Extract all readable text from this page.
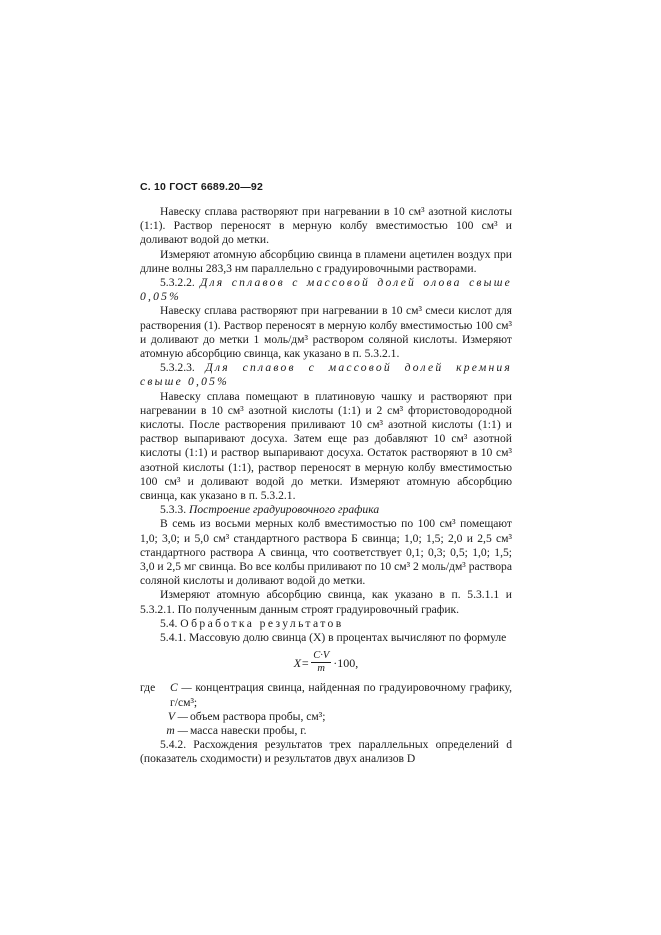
С. 10 ГОСТ 6689.20—92

Навеску сплава растворяют при нагревании в 10 см³ азотной кислоты (1:1). Раствор переносят в мерную колбу вместимостью 100 см³ и доливают водой до метки.

Измеряют атомную абсорбцию свинца в пламени ацетилен воздух при длине волны 283,3 нм параллельно с градуировочными растворами.

5.3.2.2. Для сплавов с массовой долей олова свыше 0,05%

Навеску сплава растворяют при нагревании в 10 см³ смеси кислот для растворения (1). Раствор переносят в мерную колбу вместимостью 100 см³ и доливают до метки 1 моль/дм³ раствором соляной кислоты. Измеряют атомную абсорбцию свинца, как указано в п. 5.3.2.1.

5.3.2.3. Для сплавов с массовой долей кремния свыше 0,05%

Навеску сплава помещают в платиновую чашку и растворяют при нагревании в 10 см³ азотной кислоты (1:1) и 2 см³ фтористоводородной кислоты. После растворения приливают 10 см³ азотной кислоты (1:1) и раствор выпаривают досуха. Затем еще раз добавляют 10 см³ азотной кислоты (1:1) и раствор выпаривают досуха. Остаток растворяют в 10 см³ азотной кислоты (1:1), раствор переносят в мерную колбу вместимостью 100 см³ и доливают водой до метки. Измеряют атомную абсорбцию свинца, как указано в п. 5.3.2.1.

5.3.3. Построение градуировочного графика

В семь из восьми мерных колб вместимостью по 100 см³ помещают 1,0; 3,0; и 5,0 см³ стандартного раствора Б свинца; 1,0; 1,5; 2,0 и 2,5 см³ стандартного раствора А свинца, что соответствует 0,1; 0,3; 0,5; 1,0; 1,5; 3,0 и 2,5 мг свинца. Во все колбы приливают по 10 см³ 2 моль/дм³ раствора соляной кислоты и доливают водой до метки.

Измеряют атомную абсорбцию свинца, как указано в п. 5.3.1.1 и 5.3.2.1. По полученным данным строят градуировочный график.

5.4. Обработка результатов

5.4.1. Массовую долю свинца (X) в процентах вычисляют по формуле

$X= \frac{C\cdot V}{m} \cdot 100$,
где	C — концентрация свинца, найденная по градуировочному графику, г/см³;
V — объем раствора пробы, см³;
m — масса навески пробы, г.

5.4.2. Расхождения результатов трех параллельных определений d (показатель сходимости) и результатов двух анализов D
